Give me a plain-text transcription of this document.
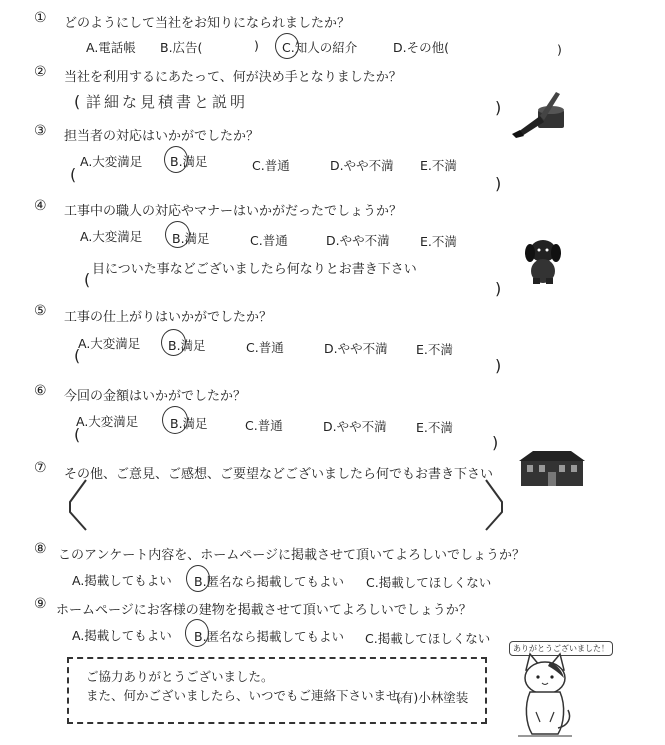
① どのようにして当社をお知りになられましたか？
A.電話帳 B.広告(	) C.知人の紹介	D.その他(	)
② 当社を利用するにあたって、何が決め手となりましたか？
( 詳細な見積書と説明	)
③ 担当者の対応はいかがでしたか？
A.大変満足 B.満足	C.普通	D.やや不満 E.不満
(	)
④ 工事中の職人の対応やマナーはいかがだったでしょうか？
A.大変満足 B.満足	C.普通	D.やや不満 E.不満
目についた事などございましたら何なりとお書き下さい
(	)
⑤ 工事の仕上がりはいかがでしたか？
A.大変満足 B.満足	C.普通	D.やや不満 E.不満
(
)
⑥ 今回の金額はいかがでしたか？
A.大変満足	B.満足	C.普通	D.やや不満 E.不満
(	)
⑦ その他、ご意見、ご感想、ご要望などございましたら何でもお書き下さい
⑧ このアンケート内容を、ホームページに掲載させて頂いてよろしいでしょうか？
A.掲載してもよい B.匿名なら掲載してもよい C.掲載してほしくない
⑨ ホームページにお客様の建物を掲載させて頂いてよろしいでしょうか？
A.掲載してもよい B.匿名なら掲載してもよい C.掲載してほしくない
ご協力ありがとうございました。
また、何かございましたら、いつでもご連絡下さいませ。
(有)小林塗装
ありがとうございました！
